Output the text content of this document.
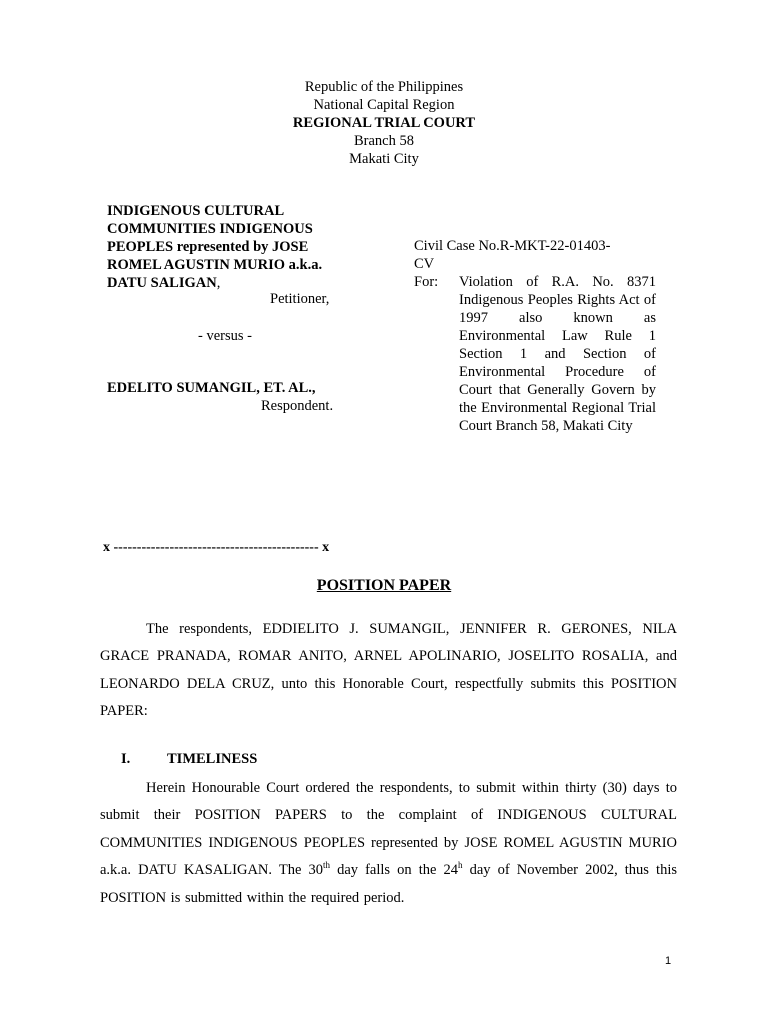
Republic of the Philippines
National Capital Region
REGIONAL TRIAL COURT
Branch 58
Makati City
INDIGENOUS CULTURAL
COMMUNITIES INDIGENOUS
PEOPLES represented by JOSE
ROMEL AGUSTIN MURIO a.k.a.
DATU SALIGAN,
Petitioner,
- versus -
EDELITO SUMANGIL, ET. AL.,
Respondent.
Civil Case No.R-MKT-22-01403-
CV
For:	Violation of R.A. No. 8371 Indigenous Peoples Rights Act of 1997 also known as Environmental Law Rule 1 Section 1 and Section of Environmental Procedure of Court that Generally Govern by the Environmental Regional Trial Court Branch 58, Makati City
x -------------------------------------------- x
POSITION PAPER
The respondents, EDDIELITO J. SUMANGIL, JENNIFER R. GERONES, NILA GRACE PRANADA, ROMAR ANITO, ARNEL APOLINARIO, JOSELITO ROSALIA, and LEONARDO DELA CRUZ, unto this Honorable Court, respectfully submits this POSITION PAPER:
I.	TIMELINESS
Herein Honourable Court ordered the respondents, to submit within thirty (30) days to submit their POSITION PAPERS to the complaint of INDIGENOUS CULTURAL COMMUNITIES INDIGENOUS PEOPLES represented by JOSE ROMEL AGUSTIN MURIO a.k.a. DATU KASALIGAN. The 30th day falls on the 24$^h$ day of November 2002, thus this POSITION is submitted within the required period.
1
